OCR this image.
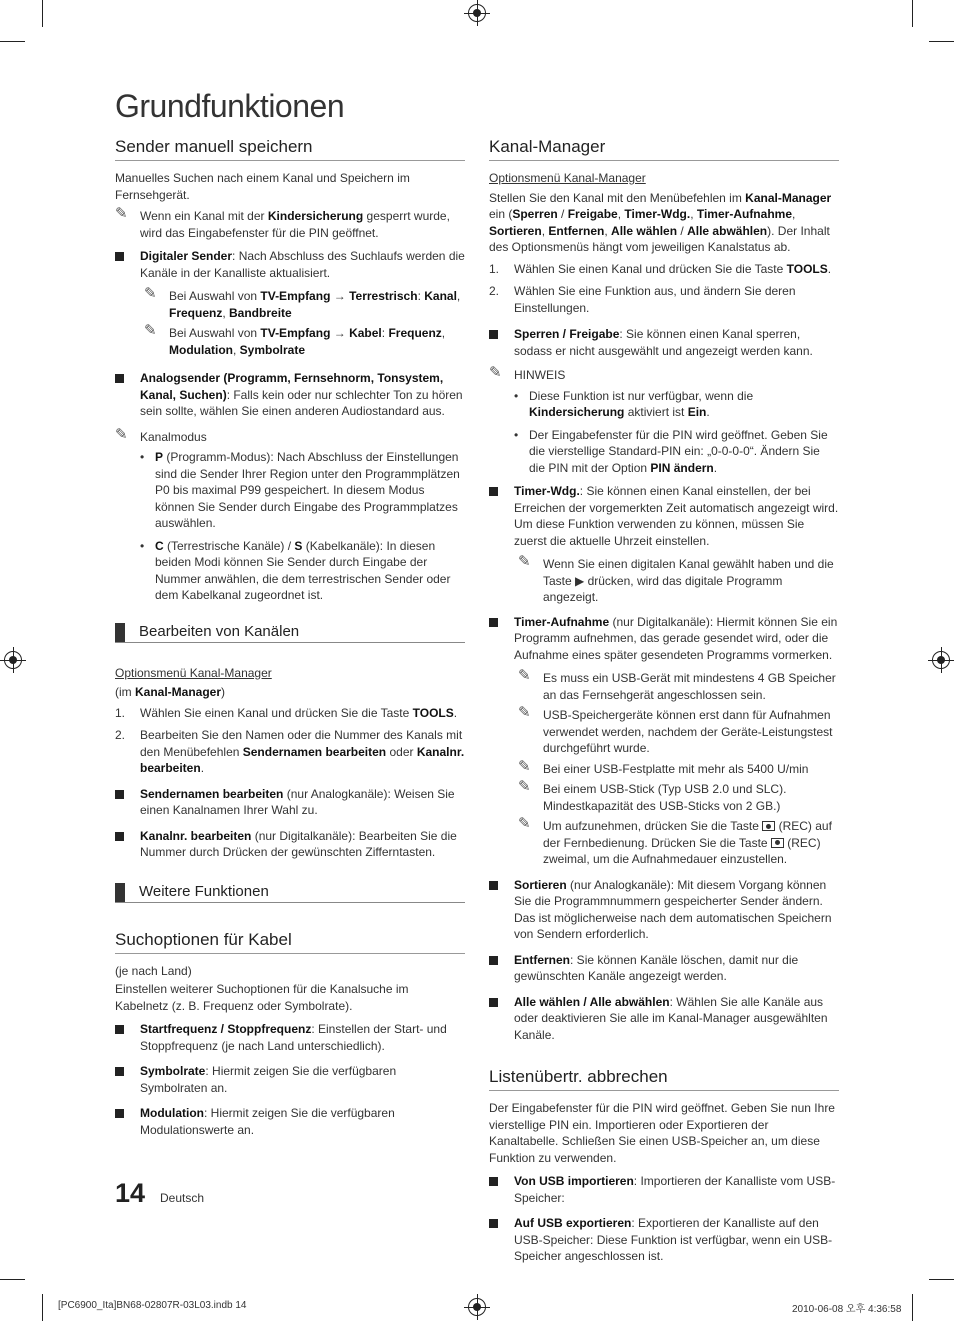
Grundfunktionen
Sender manuell speichern

Manuelles Suchen nach einem Kanal und Speichern im Fernsehgerät.

✎ Wenn ein Kanal mit der Kindersicherung gesperrt wurde, wird das Eingabefenster für die PIN geöffnet.
Digitaler Sender: Nach Abschluss des Suchlaufs werden die Kanäle in der Kanalliste aktualisiert.
✎ Bei Auswahl von TV-Empfang → Terrestrisch: Kanal, Frequenz, Bandbreite
✎ Bei Auswahl von TV-Empfang → Kabel: Frequenz, Modulation, Symbolrate
Analogsender (Programm, Fernsehnorm, Tonsystem, Kanal, Suchen): Falls kein oder nur schlechter Ton zu hören sein sollte, wählen Sie einen anderen Audiostandard aus.
✎ Kanalmodus
• P (Programm-Modus): Nach Abschluss der Einstellungen sind die Sender Ihrer Region unter den Programmplätzen P0 bis maximal P99 gespeichert. In diesem Modus können Sie Sender durch Eingabe des Programmplatzes auswählen.
• C (Terrestrische Kanäle) / S (Kabelkanäle): In diesen beiden Modi können Sie Sender durch Eingabe der Nummer anwählen, die dem terrestrischen Sender oder dem Kabelkanal zugeordnet ist.
Bearbeiten von Kanälen

Optionsmenü Kanal-Manager

(im Kanal-Manager)

1. Wählen Sie einen Kanal und drücken Sie die Taste TOOLS.
2. Bearbeiten Sie den Namen oder die Nummer des Kanals mit den Menübefehlen Sendernamen bearbeiten oder Kanalnr. bearbeiten.
Sendernamen bearbeiten (nur Analogkanäle): Weisen Sie einen Kanalnamen Ihrer Wahl zu.
Kanalnr. bearbeiten (nur Digitalkanäle): Bearbeiten Sie die Nummer durch Drücken der gewünschten Zifferntasten.
Weitere Funktionen
Suchoptionen für Kabel

(je nach Land)

Einstellen weiterer Suchoptionen für die Kanalsuche im Kabelnetz (z. B. Frequenz oder Symbolrate).

Startfrequenz / Stoppfrequenz: Einstellen der Start- und Stoppfrequenz (je nach Land unterschiedlich).
Symbolrate: Hiermit zeigen Sie die verfügbaren Symbolraten an.
Modulation: Hiermit zeigen Sie die verfügbaren Modulationswerte an.
Kanal-Manager

Optionsmenü Kanal-Manager

Stellen Sie den Kanal mit den Menübefehlen im Kanal-Manager ein (Sperren / Freigabe, Timer-Wdg., Timer-Aufnahme, Sortieren, Entfernen, Alle wählen / Alle abwählen). Der Inhalt des Optionsmenüs hängt vom jeweiligen Kanalstatus ab.

1. Wählen Sie einen Kanal und drücken Sie die Taste TOOLS.
2. Wählen Sie eine Funktion aus, und ändern Sie deren Einstellungen.
Sperren / Freigabe: Sie können einen Kanal sperren, sodass er nicht ausgewählt und angezeigt werden kann.
✎ HINWEIS
• Diese Funktion ist nur verfügbar, wenn die Kindersicherung aktiviert ist Ein.
• Der Eingabefenster für die PIN wird geöffnet. Geben Sie die vierstellige Standard-PIN ein: „0-0-0-0“. Ändern Sie die PIN mit der Option PIN ändern.
Timer-Wdg.: Sie können einen Kanal einstellen, der bei Erreichen der vorgemerkten Zeit automatisch angezeigt wird. Um diese Funktion verwenden zu können, müssen Sie zuerst die aktuelle Uhrzeit einstellen.
✎ Wenn Sie einen digitalen Kanal gewählt haben und die Taste ▶ drücken, wird das digitale Programm angezeigt.
Timer-Aufnahme (nur Digitalkanäle): Hiermit können Sie ein Programm aufnehmen, das gerade gesendet wird, oder die Aufnahme eines später gesendeten Programms vormerken.
✎ Es muss ein USB-Gerät mit mindestens 4 GB Speicher an das Fernsehgerät angeschlossen sein.
✎ USB-Speichergeräte können erst dann für Aufnahmen verwendet werden, nachdem der Geräte-Leistungstest durchgeführt wurde.
✎ Bei einer USB-Festplatte mit mehr als 5400 U/min
✎ Bei einem USB-Stick (Typ USB 2.0 und SLC). Mindestkapazität des USB-Sticks von 2 GB.)
✎ Um aufzunehmen, drücken Sie die Taste  (REC) auf der Fernbedienung. Drücken Sie die Taste  (REC) zweimal, um die Aufnahmedauer einzustellen.
Sortieren (nur Analogkanäle): Mit diesem Vorgang können Sie die Programmnummern gespeicherter Sender ändern. Das ist möglicherweise nach dem automatischen Speichern von Sendern erforderlich.
Entfernen: Sie können Kanäle löschen, damit nur die gewünschten Kanäle angezeigt werden.
Alle wählen / Alle abwählen: Wählen Sie alle Kanäle aus oder deaktivieren Sie alle im Kanal-Manager ausgewählten Kanäle.
Listenübertr. abbrechen

Der Eingabefenster für die PIN wird geöffnet. Geben Sie nun Ihre vierstellige PIN ein. Importieren oder Exportieren der Kanaltabelle. Schließen Sie einen USB-Speicher an, um diese Funktion zu verwenden.

Von USB importieren: Importieren der Kanalliste vom USB-Speicher:
Auf USB exportieren: Exportieren der Kanalliste auf den USB-Speicher: Diese Funktion ist verfügbar, wenn ein USB-Speicher angeschlossen ist.
14 Deutsch
[PC6900_Ita]BN68-02807R-03L03.indb 14	2010-06-08 오후 4:36:58
